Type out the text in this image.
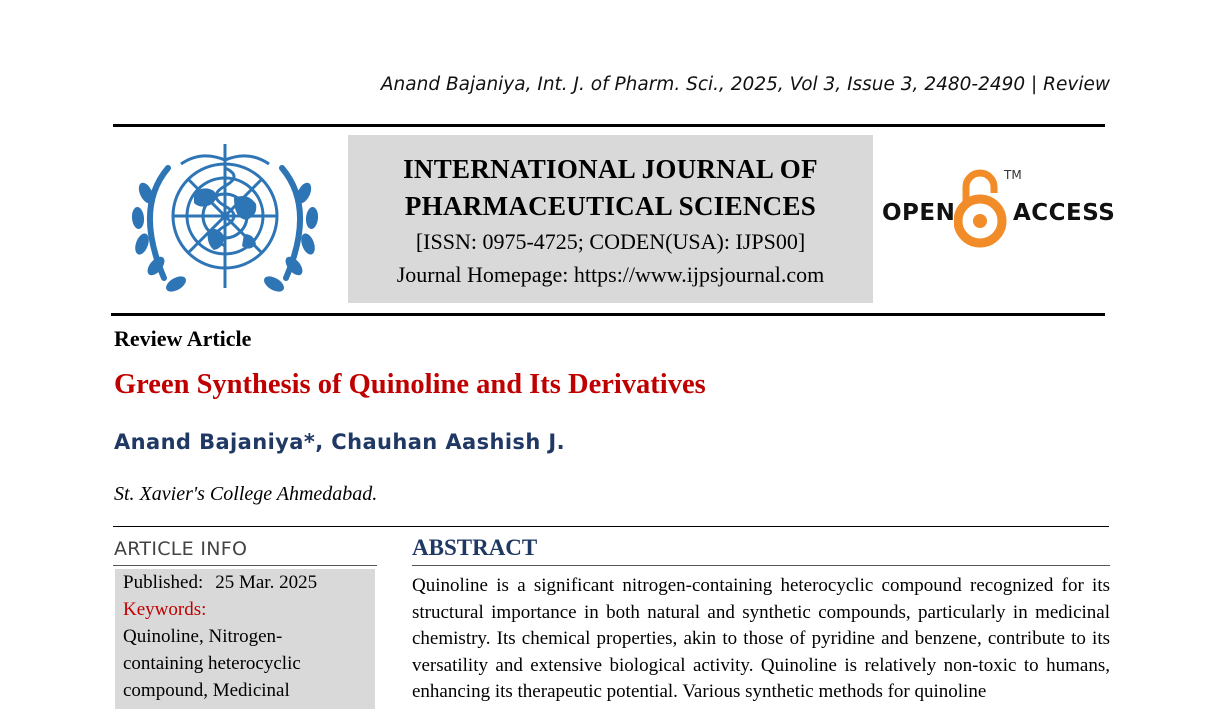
Anand Bajaniya, Int. J. of Pharm. Sci., 2025, Vol 3, Issue 3, 2480-2490 | Review
INTERNATIONAL JOURNAL OF
PHARMACEUTICAL SCIENCES
[ISSN: 0975-4725; CODEN(USA): IJPS00]
Journal Homepage: https://www.ijpsjournal.com
OPEN
TM
ACCESS
Review Article
Green Synthesis of Quinoline and Its Derivatives
Anand Bajaniya*, Chauhan Aashish J.
St. Xavier's College Ahmedabad.
ARTICLE INFO
Published: 25 Mar. 2025
Keywords:
Quinoline, Nitrogen-containing heterocyclic compound, Medicinal
ABSTRACT
Quinoline is a significant nitrogen-containing heterocyclic compound recognized for its structural importance in both natural and synthetic compounds, particularly in medicinal chemistry. Its chemical properties, akin to those of pyridine and benzene, contribute to its versatility and extensive biological activity. Quinoline is relatively non-toxic to humans, enhancing its therapeutic potential. Various synthetic methods for quinoline
